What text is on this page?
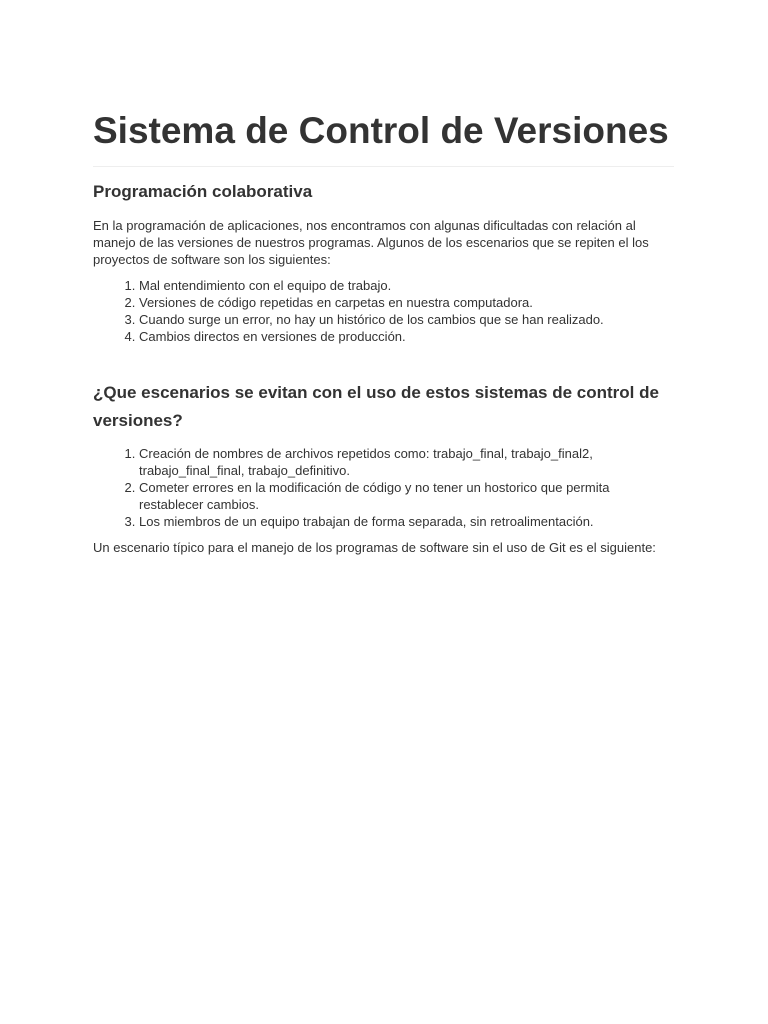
Sistema de Control de Versiones
Programación colaborativa

En la programación de aplicaciones, nos encontramos con algunas dificultadas con relación al manejo de las versiones de nuestros programas. Algunos de los escenarios que se repiten el los proyectos de software son los siguientes:

1. Mal entendimiento con el equipo de trabajo.
2. Versiones de código repetidas en carpetas en nuestra computadora.
3. Cuando surge un error, no hay un histórico de los cambios que se han realizado.
4. Cambios directos en versiones de producción.
¿Que escenarios se evitan con el uso de estos sistemas de control de versiones?
1. Creación de nombres de archivos repetidos como: trabajo_final, trabajo_final2, trabajo_final_final, trabajo_definitivo.
2. Cometer errores en la modificación de código y no tener un hostorico que permita restablecer cambios.
3. Los miembros de un equipo trabajan de forma separada, sin retroalimentación.

Un escenario típico para el manejo de los programas de software sin el uso de Git es el siguiente:
